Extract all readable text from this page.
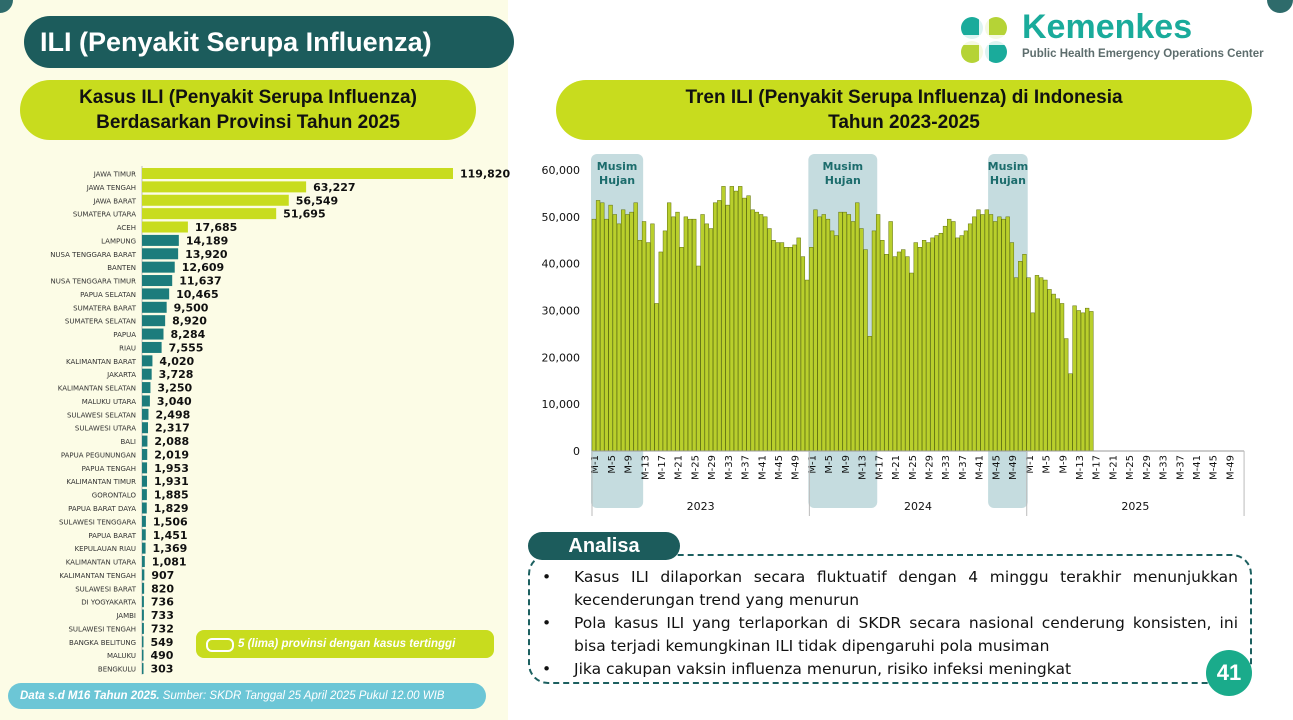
ILI (Penyakit Serupa Influenza)	Kemenkes
Public Health Emergency Operations Center
Kasus ILI (Penyakit Serupa Influenza)
Berdasarkan Provinsi Tahun 2025
Tren ILI (Penyakit Serupa Influenza) di Indonesia
Tahun 2023-2025
JAWA TIMUR	119,820
JAWA TENGAH	63,227
JAWA BARAT	56,549
SUMATERA UTARA	51,695
ACEH	17,685
LAMPUNG	14,189
NUSA TENGGARA BARAT	13,920
BANTEN	12,609
NUSA TENGGARA TIMUR	11,637
PAPUA SELATAN	10,465
SUMATERA BARAT	9,500
SUMATERA SELATAN	8,920
PAPUA	8,284
RIAU	7,555
KALIMANTAN BARAT 4,020
JAKARTA 3,728
KALIMANTAN SELATAN 3,250
MALUKU UTARA 3,040
SULAWESI SELATAN 2,498
SULAWESI UTARA 2,317
BALI 2,088
PAPUA PEGUNUNGAN 2,019
PAPUA TENGAH 1,953
KALIMANTAN TIMUR 1,931
GORONTALO 1,885
PAPUA BARAT DAYA 1,829
SULAWESI TENGGARA 1,506
PAPUA BARAT 1,451
KEPULAUAN RIAU 1,369
KALIMANTAN UTARA 1,081
KALIMANTAN TENGAH 907
SULAWESI BARAT 820
DI YOGYAKARTA 736
JAMBI 733
SULAWESI TENGAH 732
BANGKA BELITUNG 549
MALUKU 490
BENGKULU 303
5 (lima) provinsi dengan kasus tertinggi
Musim
Hujan
Musim
Hujan
Musim
Hujan
0
10,000
20,000
30,000
40,000
50,000
60,000
M-1 M-5 M-9 M-13 M-17 M-21 M-25 M-29 M-33 M-37 M-41 M-45 M-49 M-1 M-5 M-9 M-13 M-17 M-21 M-25 M-29 M-33 M-37 M-41 M-45 M-49 M-1 M-5 M-9 M-13 M-17 M-21 M-25 M-29 M-33 M-37 M-41 M-45 M-49
2023	2024	2025
Analisa
• Kasus ILI dilaporkan secara fluktuatif dengan 4 minggu terakhir menunjukkan kecenderungan trend yang menurun
• Pola kasus ILI yang terlaporkan di SKDR secara nasional cenderung konsisten, ini bisa terjadi kemungkinan ILI tidak dipengaruhi pola musiman
• Jika cakupan vaksin influenza menurun, risiko infeksi meningkat
Data s.d M16 Tahun 2025. Sumber: SKDR Tanggal 25 April 2025 Pukul 12.00 WIB
41
